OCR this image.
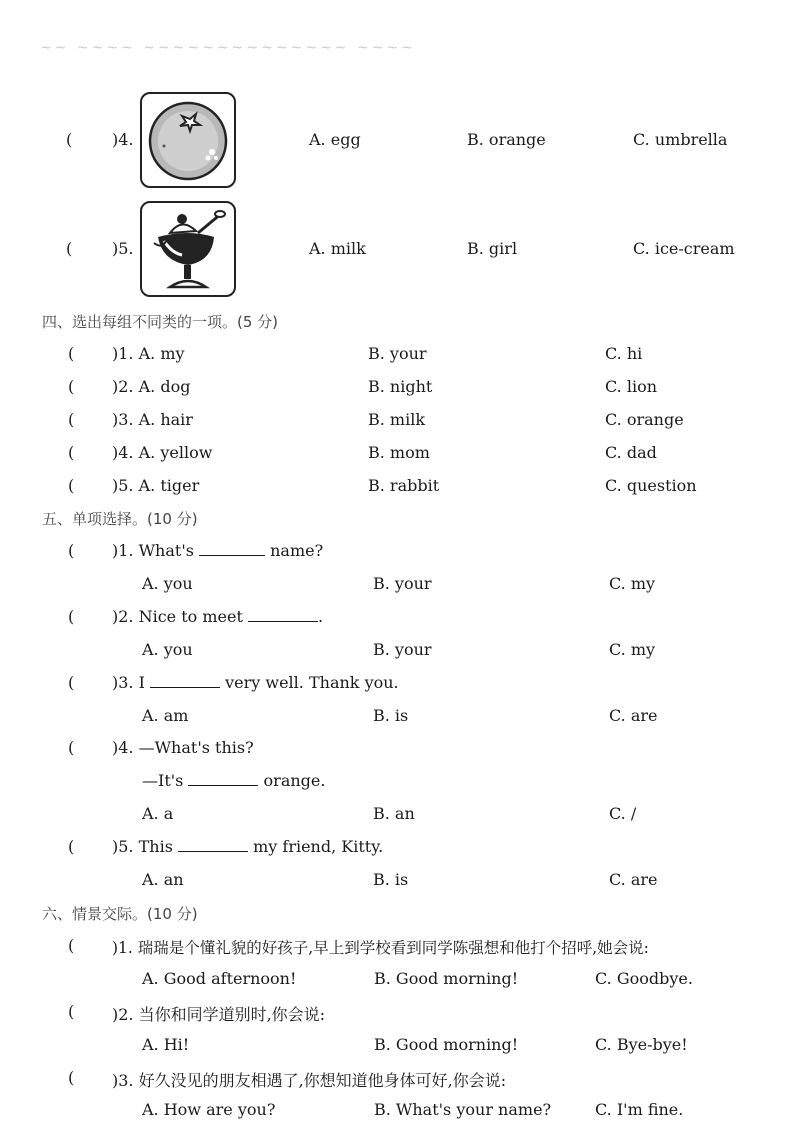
~~ ~~~~ ~~~~~~~~~~~~~~ ~~~~
( )4.	A. egg	B. orange	C. umbrella
( )5.	A. milk	B. girl	C. ice-cream
四、选出每组不同类的一项。(5 分)
( )1. A. my	B. your	C. hi
( )2. A. dog	B. night	C. lion
( )3. A. hair	B. milk	C. orange
( )4. A. yellow	B. mom	C. dad
( )5. A. tiger	B. rabbit	C. question
五、单项选择。(10 分)
( )1. What's	name?
A. you	B. your	C. my
( )2. Nice to meet	.
A. you	B. your	C. my
( )3. I	very well. Thank you.
A. am	B. is	C. are
( )4. —What's this?
—It's	orange.
A. a	B. an	C. /
( )5. This	my friend, Kitty.
A. an	B. is	C. are
六、情景交际。(10 分)
( )1. 瑞瑞是个懂礼貌的好孩子,早上到学校看到同学陈强想和他打个招呼,她会说:
A. Good afternoon!	B. Good morning!	C. Goodbye.
( )2. 当你和同学道别时,你会说:
A. Hi!	B. Good morning!	C. Bye-bye!
( )3. 好久没见的朋友相遇了,你想知道他身体可好,你会说:
A. How are you?	B. What's your name?	C. I'm fine.
